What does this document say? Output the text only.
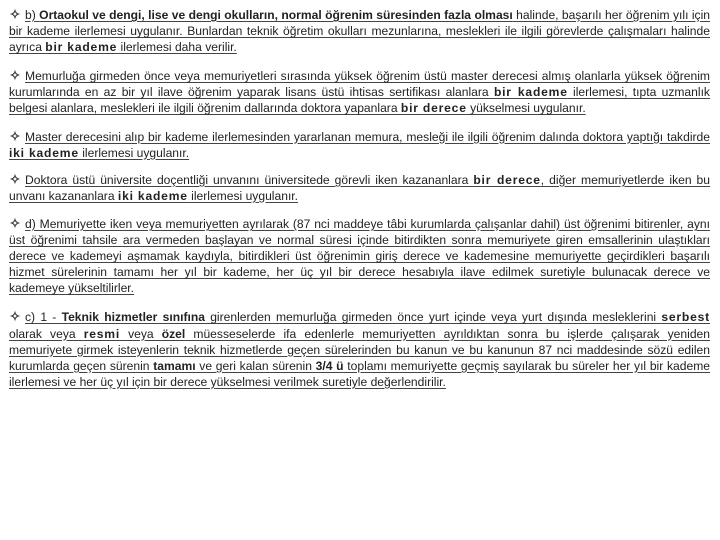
b) Ortaokul ve dengi, lise ve dengi okulların, normal öğrenim süresinden fazla olması halinde, başarılı her öğrenim yılı için bir kademe ilerlemesi uygulanır. Bunlardan teknik öğretim okulları mezunlarına, meslekleri ile ilgili görevlerde çalışmaları halinde ayrıca bir kademe ilerlemesi daha verilir.

Memurluğa girmeden önce veya memuriyetleri sırasında yüksek öğrenim üstü master derecesi almış olanlarla yüksek öğrenim kurumlarında en az bir yıl ilave öğrenim yaparak lisans üstü ihtisas sertifikası alanlara bir kademe ilerlemesi, tıpta uzmanlık belgesi alanlara, meslekleri ile ilgili öğrenim dallarında doktora yapanlara bir derece yükselmesi uygulanır.

Master derecesini alıp bir kademe ilerlemesinden yararlanan memura, mesleği ile ilgili öğrenim dalında doktora yaptığı takdirde iki kademe ilerlemesi uygulanır.

Doktora üstü üniversite doçentliği unvanını üniversitede görevli iken kazananlara bir derece, diğer memuriyetlerde iken bu unvanı kazananlara iki kademe ilerlemesi uygulanır.

d) Memuriyette iken veya memuriyetten ayrılarak (87 nci maddeye tâbi kurumlarda çalışanlar dahil) üst öğrenimi bitirenler, aynı üst öğrenimi tahsile ara vermeden başlayan ve normal süresi içinde bitirdikten sonra memuriyete giren emsallerinin ulaştıkları derece ve kademeyi aşmamak kaydıyla, bitirdikleri üst öğrenimin giriş derece ve kademesine memuriyette geçirdikleri başarılı hizmet sürelerinin tamamı her yıl bir kademe, her üç yıl bir derece hesabıyla ilave edilmek suretiyle bulunacak derece ve kademeye yükseltilirler.

c) 1 - Teknik hizmetler sınıfına girenlerden memurluğa girmeden önce yurt içinde veya yurt dışında mesleklerini serbest olarak veya resmi veya özel müesseselerde ifa edenlerle memuriyetten ayrıldıktan sonra bu işlerde çalışarak yeniden memuriyete girmek isteyenlerin teknik hizmetlerde geçen sürelerinden bu kanun ve bu kanunun 87 nci maddesinde sözü edilen kurumlarda geçen sürenin tamamı ve geri kalan sürenin 3/4 ü toplamı memuriyette geçmiş sayılarak bu süreler her yıl bir kademe ilerlemesi ve her üç yıl için bir derece yükselmesi verilmek suretiyle değerlendirilir.
